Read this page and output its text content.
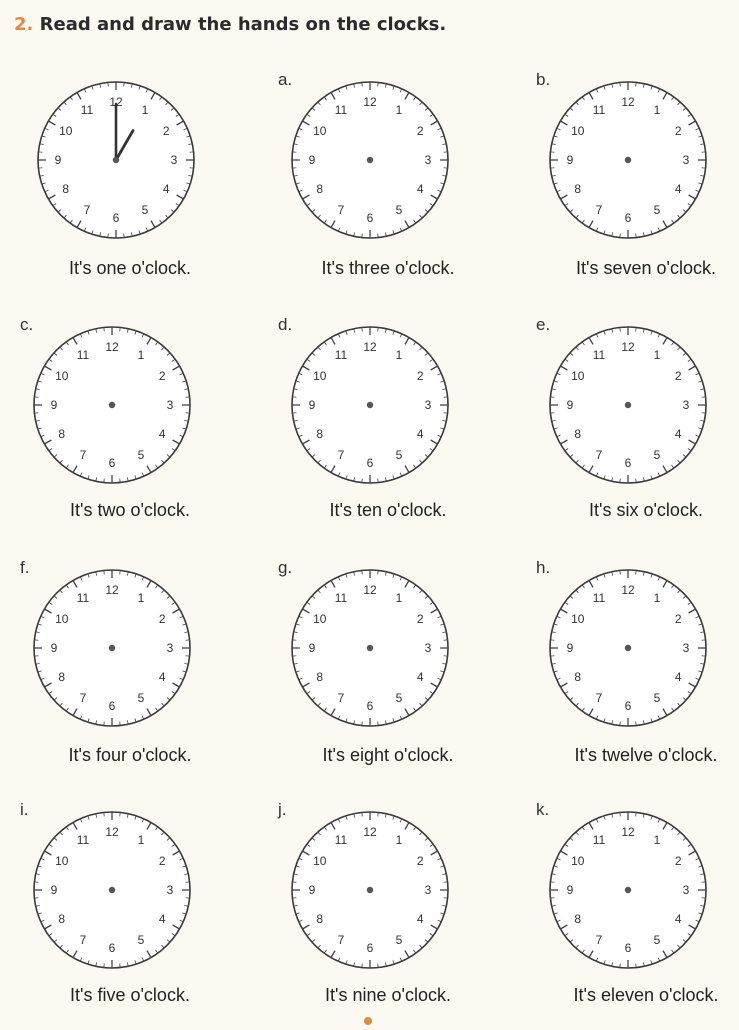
2. Read and draw the hands on the clocks.
12
1
2
3
4
5
6
7
8
9
10
11
It's one o'clock.
a.
12
1
2
3
4
5
6
7
8
9
10
11
It's three o'clock.
b.
12
1
2
3
4
5
6
7
8
9
10
11
It's seven o'clock.
c.
12
1
2
3
4
5
6
7
8
9
10
11
It's two o'clock.
d.
12
1
2
3
4
5
6
7
8
9
10
11
It's ten o'clock.
e.
12
1
2
3
4
5
6
7
8
9
10
11
It's six o'clock.
f.
12
1
2
3
4
5
6
7
8
9
10
11
It's four o'clock.
g.
12
1
2
3
4
5
6
7
8
9
10
11
It's eight o'clock.
h.
12
1
2
3
4
5
6
7
8
9
10
11
It's twelve o'clock.
i.
12
1
2
3
4
5
6
7
8
9
10
11
It's five o'clock.
j.
12
1
2
3
4
5
6
7
8
9
10
11
It's nine o'clock.
k.
12
1
2
3
4
5
6
7
8
9
10
11
It's eleven o'clock.
